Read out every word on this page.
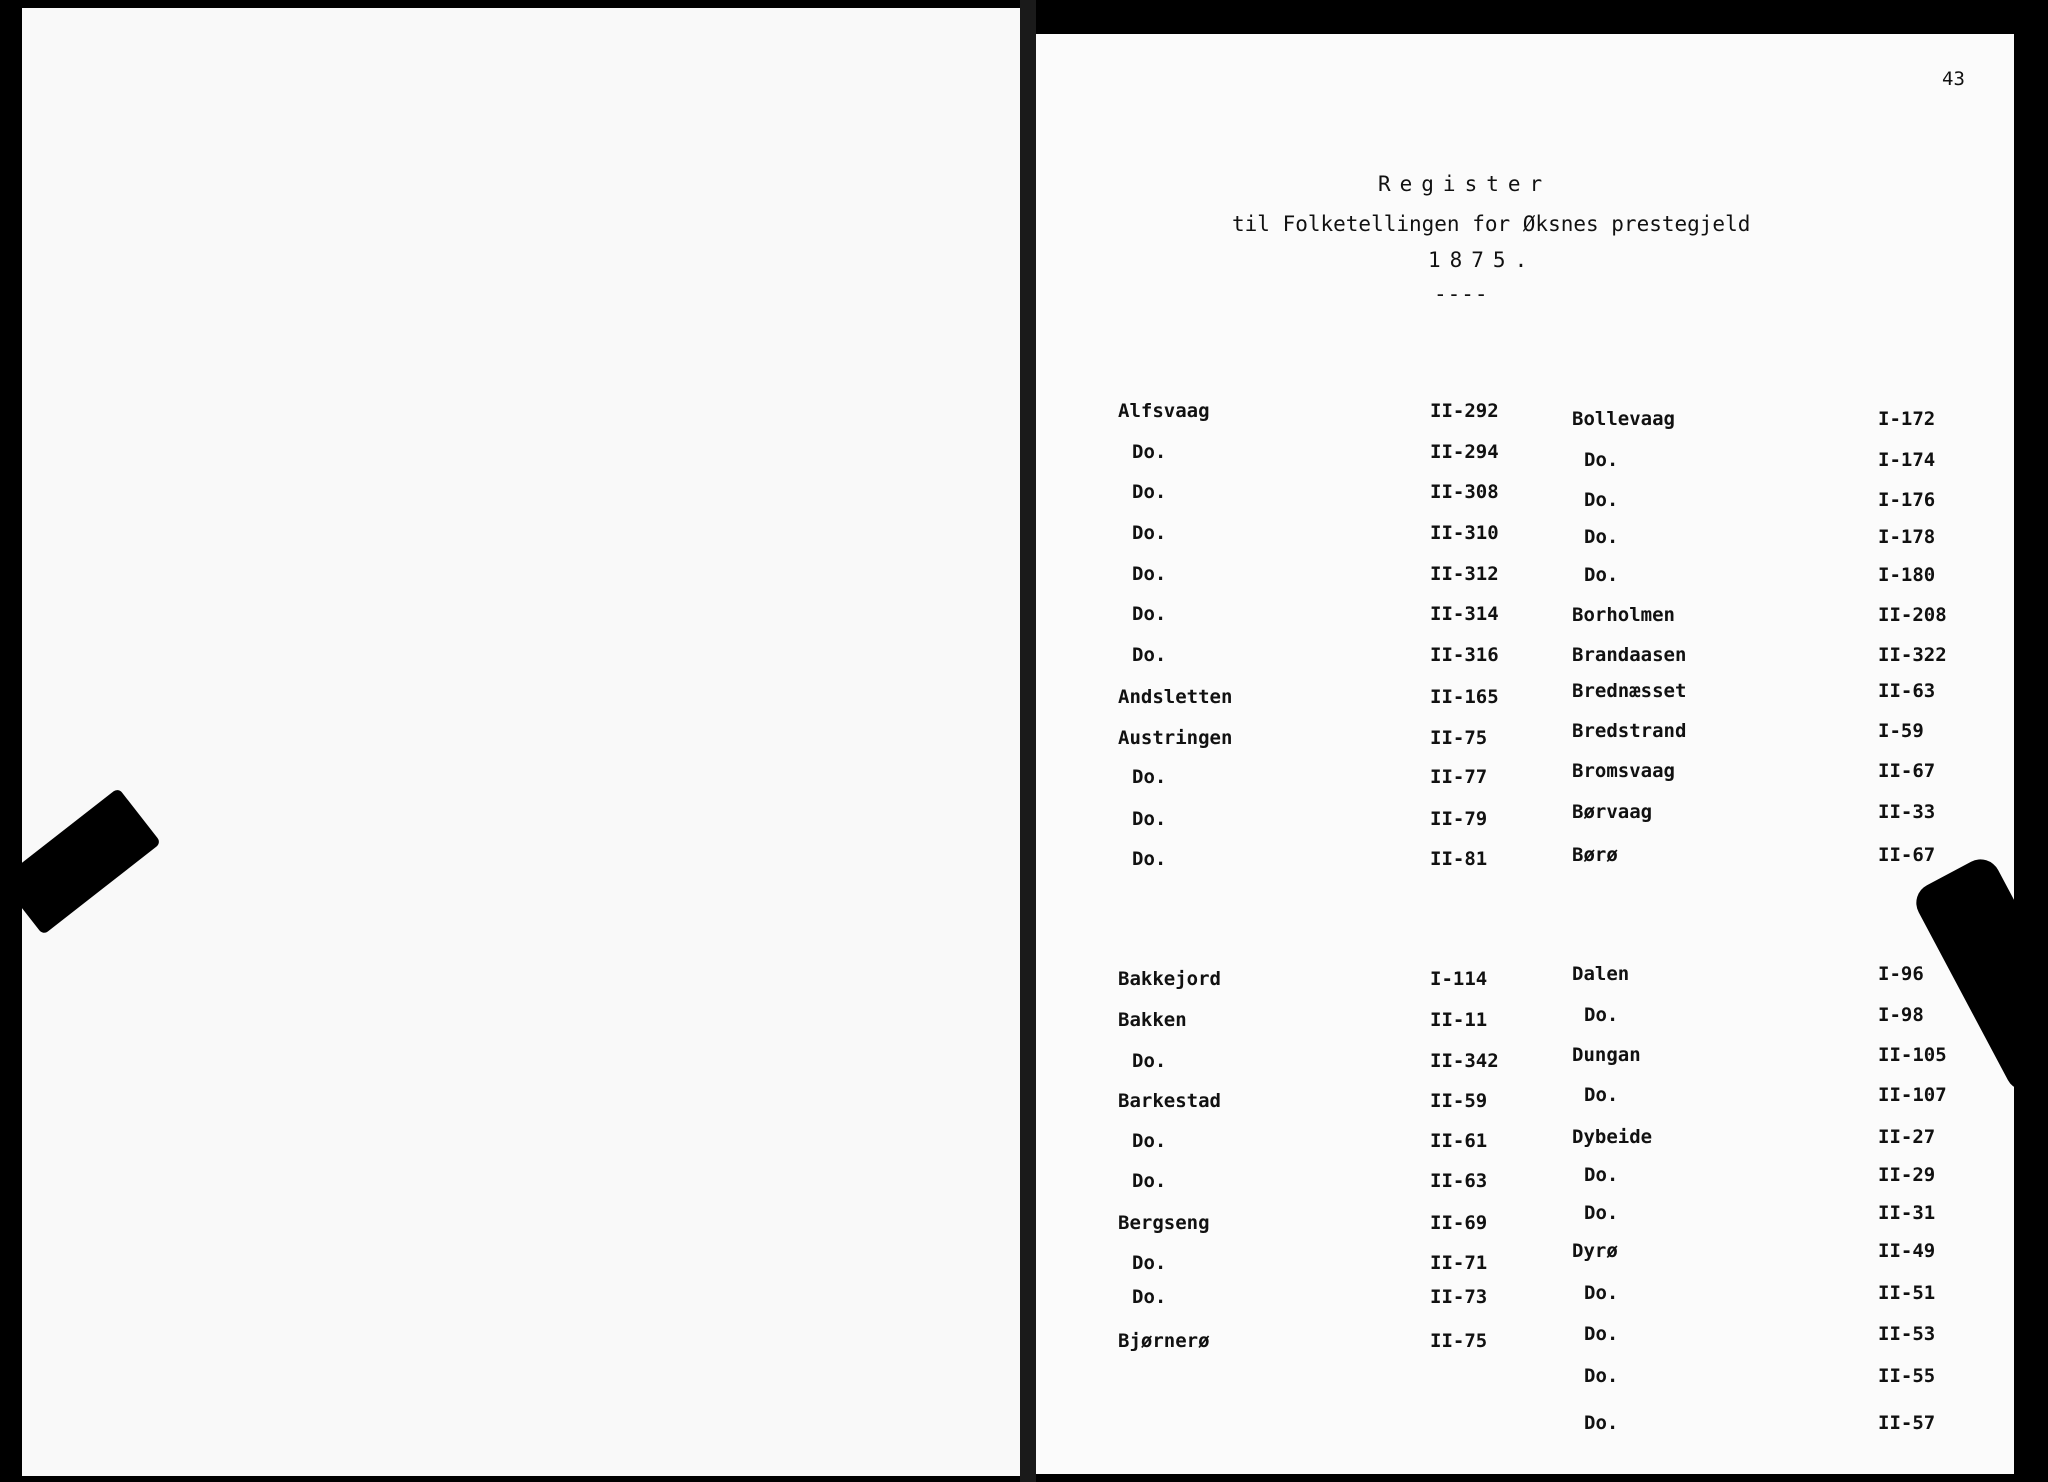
43
Register
til Folketellingen for Øksnes prestegjeld
1875.
----
Alfsvaag	II-292
Do.	II-294
Do.	II-308
Do.	II-310
Do.	II-312
Do.	II-314
Do.	II-316
Andsletten	II-165
Austringen	II-75
Do.	II-77
Do.	II-79
Do.	II-81
Bakkejord	I-114
Bakken	II-11
Do.	II-342
Barkestad	II-59
Do.	II-61
Do.	II-63
Bergseng	II-69
Do.	II-71
Do.	II-73
Bjørnerø	II-75
Bollevaag	I-172
Do.	I-174
Do.	I-176
Do.	I-178
Do.	I-180
Borholmen	II-208
Brandaasen	II-322
Brednæsset	II-63
Bredstrand	I-59
Bromsvaag	II-67
Børvaag	II-33
Børø	II-67
Dalen	I-96
Do.	I-98
Dungan	II-105
Do.	II-107
Dybeide	II-27
Do.	II-29
Do.	II-31
Dyrø	II-49
Do.	II-51
Do.	II-53
Do.	II-55
Do.	II-57
